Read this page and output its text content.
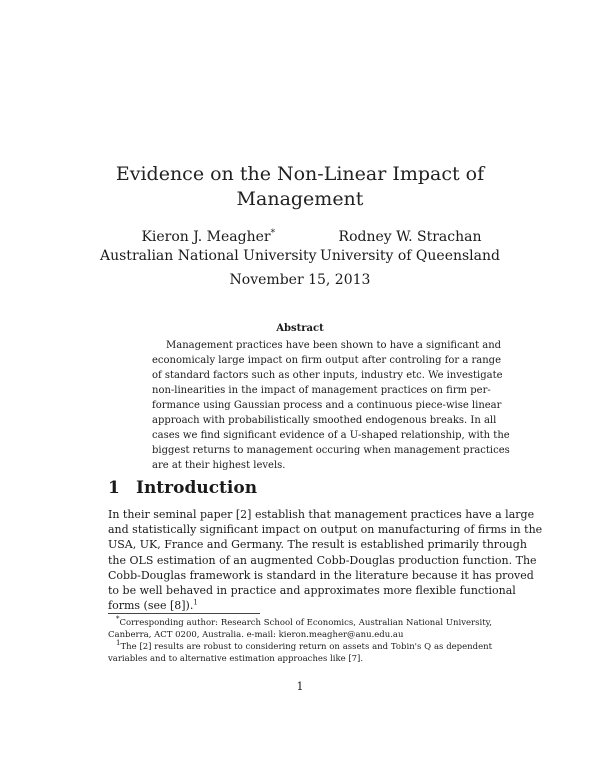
Evidence on the Non-Linear Impact of
Management
Kieron J. Meagher*
Australian National University
Rodney W. Strachan
University of Queensland
November 15, 2013
Abstract
Management practices have been shown to have a significant and
economicaly large impact on firm output after controling for a range
of standard factors such as other inputs, industry etc. We investigate
non-linearities in the impact of management practices on firm per-
formance using Gaussian process and a continuous piece-wise linear
approach with probabilistically smoothed endogenous breaks. In all
cases we find significant evidence of a U-shaped relationship, with the
biggest returns to management occuring when management practices
are at their highest levels.
1 Introduction
In their seminal paper [2] establish that management practices have a large
and statistically significant impact on output on manufacturing of firms in the
USA, UK, France and Germany. The result is established primarily through
the OLS estimation of an augmented Cobb-Douglas production function. The
Cobb-Douglas framework is standard in the literature because it has proved
to be well behaved in practice and approximates more flexible functional
forms (see [8]).$^1$
*Corresponding author: Research School of Economics, Australian National University,
Canberra, ACT 0200, Australia. e-mail: kieron.meagher@anu.edu.au
$^1$The [2] results are robust to considering return on assets and Tobin's Q as dependent
variables and to alternative estimation approaches like [7].
1
